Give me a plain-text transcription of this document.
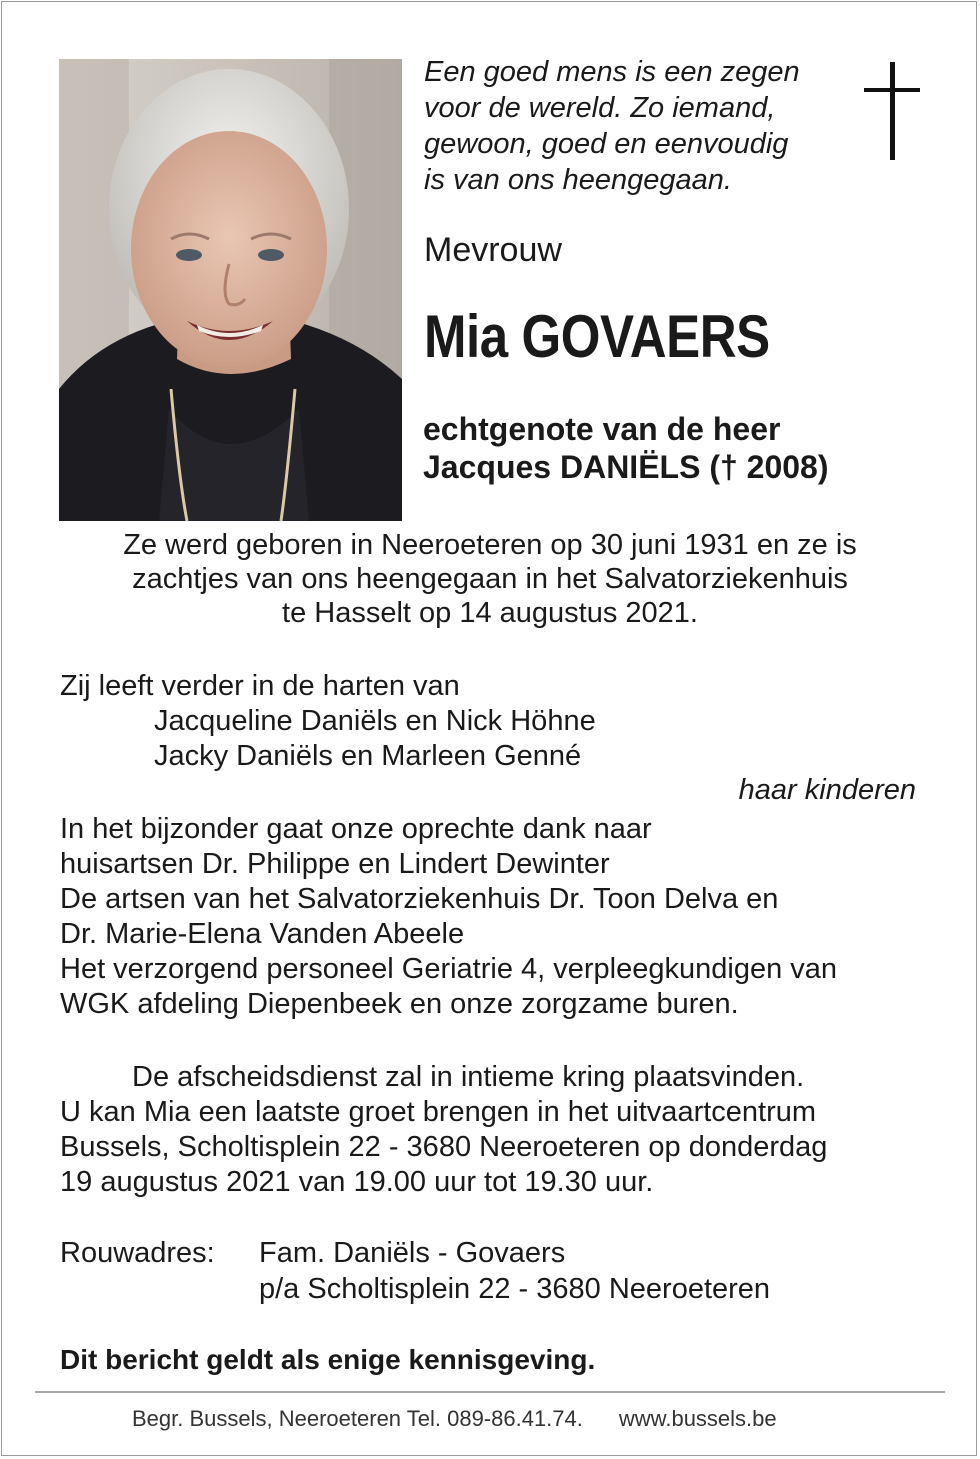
Een goed mens is een zegen
voor de wereld. Zo iemand,
gewoon, goed en eenvoudig
is van ons heengegaan.
Mevrouw
Mia GOVAERS
echtgenote van de heer
Jacques DANIËLS († 2008)
Ze werd geboren in Neeroeteren op 30 juni 1931 en ze is
zachtjes van ons heengegaan in het Salvatorziekenhuis
te Hasselt op 14 augustus 2021.
Zij leeft verder in de harten van
Jacqueline Daniëls en Nick Höhne
Jacky Daniëls en Marleen Genné
haar kinderen
In het bijzonder gaat onze oprechte dank naar
huisartsen Dr. Philippe en Lindert Dewinter
De artsen van het Salvatorziekenhuis Dr. Toon Delva en
Dr. Marie-Elena Vanden Abeele
Het verzorgend personeel Geriatrie 4, verpleegkundigen van
WGK afdeling Diepenbeek en onze zorgzame buren.
De afscheidsdienst zal in intieme kring plaatsvinden.
U kan Mia een laatste groet brengen in het uitvaartcentrum
Bussels, Scholtisplein 22 - 3680 Neeroeteren op donderdag
19 augustus 2021 van 19.00 uur tot 19.30 uur.
Rouwadres: Fam. Daniëls - Govaers
p/a Scholtisplein 22 - 3680 Neeroeteren
Dit bericht geldt als enige kennisgeving.
Begr. Bussels, Neeroeteren Tel. 089-86.41.74. www.bussels.be
